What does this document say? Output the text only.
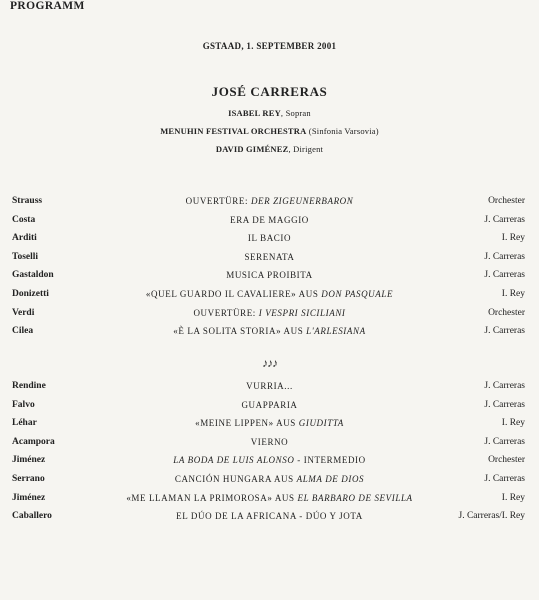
PROGRAMM
GSTAAD, 1. SEPTEMBER 2001
JOSÉ CARRERAS
ISABEL REY, Sopran
MENUHIN FESTIVAL ORCHESTRA (Sinfonia Varsovia)
DAVID GIMÉNEZ, Dirigent
Strauss	OUVERTÜRE: DER ZIGEUNERBARON	Orchester
Costa	ERA DE MAGGIO	J. Carreras
Arditi	IL BACIO	I. Rey
Toselli	SERENATA	J. Carreras
Gastaldon	MUSICA PROIBITA	J. Carreras
Donizetti	«QUEL GUARDO IL CAVALIERE» AUS DON PASQUALE	I. Rey
Verdi	OUVERTÜRE: I VESPRI SICILIANI	Orchester
Cilea	«È LA SOLITA STORIA» AUS L'ARLESIANA	J. Carreras
♪♪♪
Rendine	VURRIA...	J. Carreras
Falvo	GUAPPARIA	J. Carreras
Léhar	«MEINE LIPPEN» AUS GIUDITTA	I. Rey
Acampora	VIERNO	J. Carreras
Jiménez	LA BODA DE LUIS ALONSO - INTERMEDIO	Orchester
Serrano	CANCIÓN HUNGARA AUS ALMA DE DIOS	J. Carreras
Jiménez	«ME LLAMAN LA PRIMOROSA» AUS EL BARBARO DE SEVILLA	I. Rey
Caballero	EL DÚO DE LA AFRICANA - DÚO Y JOTA	J. Carreras/I. Rey
